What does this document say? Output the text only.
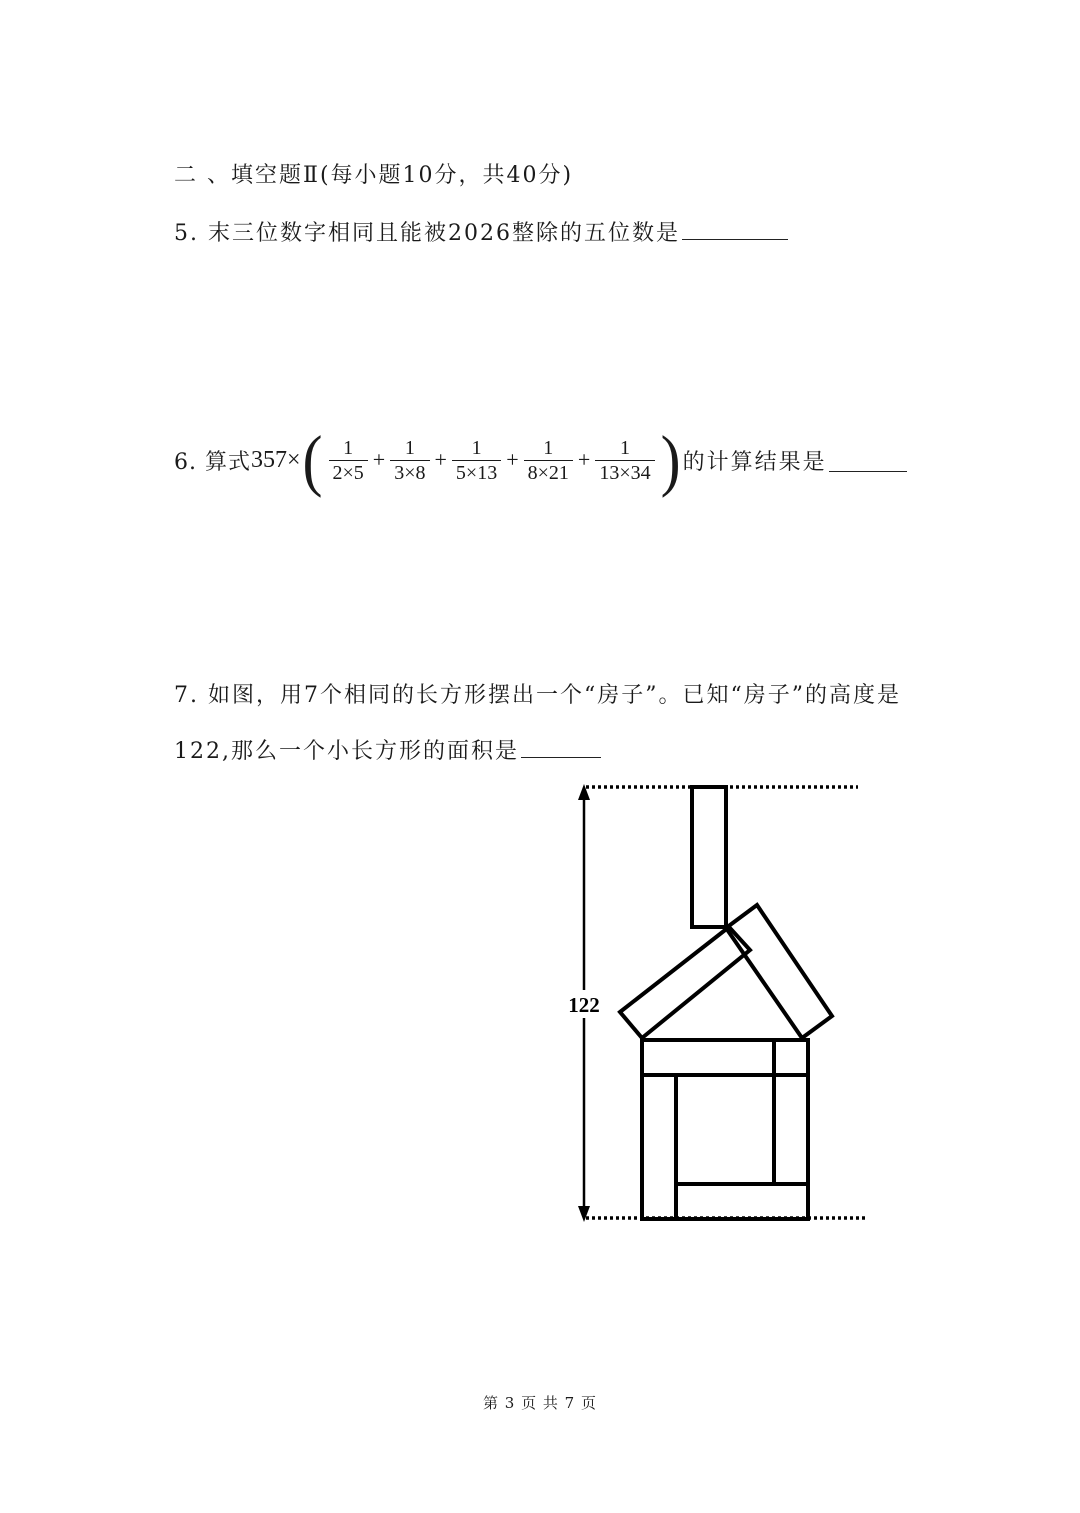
二 、填空题Ⅱ(每小题10分，共40分)
5. 末三位数字相同且能被2026整除的五位数是
6. 算式 357× ( $\frac{1}{2\times 5} + \frac{1}{3\times 8} + \frac{1}{5\times 13} + \frac{1}{8\times 21} + \frac{1}{13\times 34}$ ) 的计算结果是
7. 如图，用7个相同的长方形摆出一个“房子”。已知“房子”的高度是
122,那么一个小长方形的面积是
122
第 3 页 共 7 页
